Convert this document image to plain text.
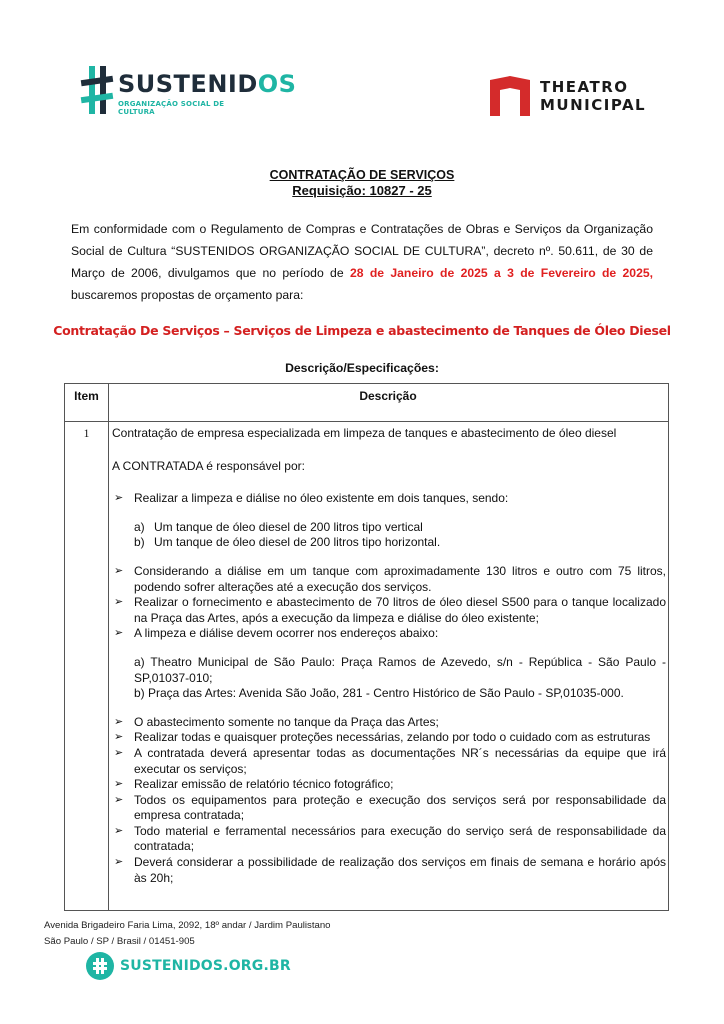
SUSTENIDOS
ORGANIZAÇÃO SOCIAL DE CULTURA
THEATRO
MUNICIPAL
CONTRATAÇÃO DE SERVIÇOS
Requisição: 10827 - 25
Em conformidade com o Regulamento de Compras e Contratações de Obras e Serviços da Organização Social de Cultura “SUSTENIDOS ORGANIZAÇÃO SOCIAL DE CULTURA”, decreto nº. 50.611, de 30 de Março de 2006, divulgamos que no período de 28 de Janeiro de 2025 a 3 de Fevereiro de 2025, buscaremos propostas de orçamento para:
Contratação De Serviços – Serviços de Limpeza e abastecimento de Tanques de Óleo Diesel
Descrição/Especificações:
Item	Descrição
1	Contratação de empresa especializada em limpeza de tanques e abastecimento de óleo diesel
A CONTRATADA é responsável por:
➢ Realizar a limpeza e diálise no óleo existente em dois tanques, sendo:
a) Um tanque de óleo diesel de 200 litros tipo vertical
b) Um tanque de óleo diesel de 200 litros tipo horizontal.
➢ Considerando a diálise em um tanque com aproximadamente 130 litros e outro com 75 litros, podendo sofrer alterações até a execução dos serviços.
➢ Realizar o fornecimento e abastecimento de 70 litros de óleo diesel S500 para o tanque localizado na Praça das Artes, após a execução da limpeza e diálise do óleo existente;
➢ A limpeza e diálise devem ocorrer nos endereços abaixo:
a) Theatro Municipal de São Paulo: Praça Ramos de Azevedo, s/n - República - São Paulo - SP,01037-010;
b) Praça das Artes: Avenida São João, 281 - Centro Histórico de São Paulo - SP,01035-000.
➢ O abastecimento somente no tanque da Praça das Artes;
➢ Realizar todas e quaisquer proteções necessárias, zelando por todo o cuidado com as estruturas
➢ A contratada deverá apresentar todas as documentações NR´s necessárias da equipe que irá executar os serviços;
➢ Realizar emissão de relatório técnico fotográfico;
➢ Todos os equipamentos para proteção e execução dos serviços será por responsabilidade da empresa contratada;
➢ Todo material e ferramental necessários para execução do serviço será de responsabilidade da contratada;
➢ Deverá considerar a possibilidade de realização dos serviços em finais de semana e horário após às 20h;
Avenida Brigadeiro Faria Lima, 2092, 18º andar / Jardim Paulistano
São Paulo / SP / Brasil / 01451-905
SUSTENIDOS.ORG.BR
